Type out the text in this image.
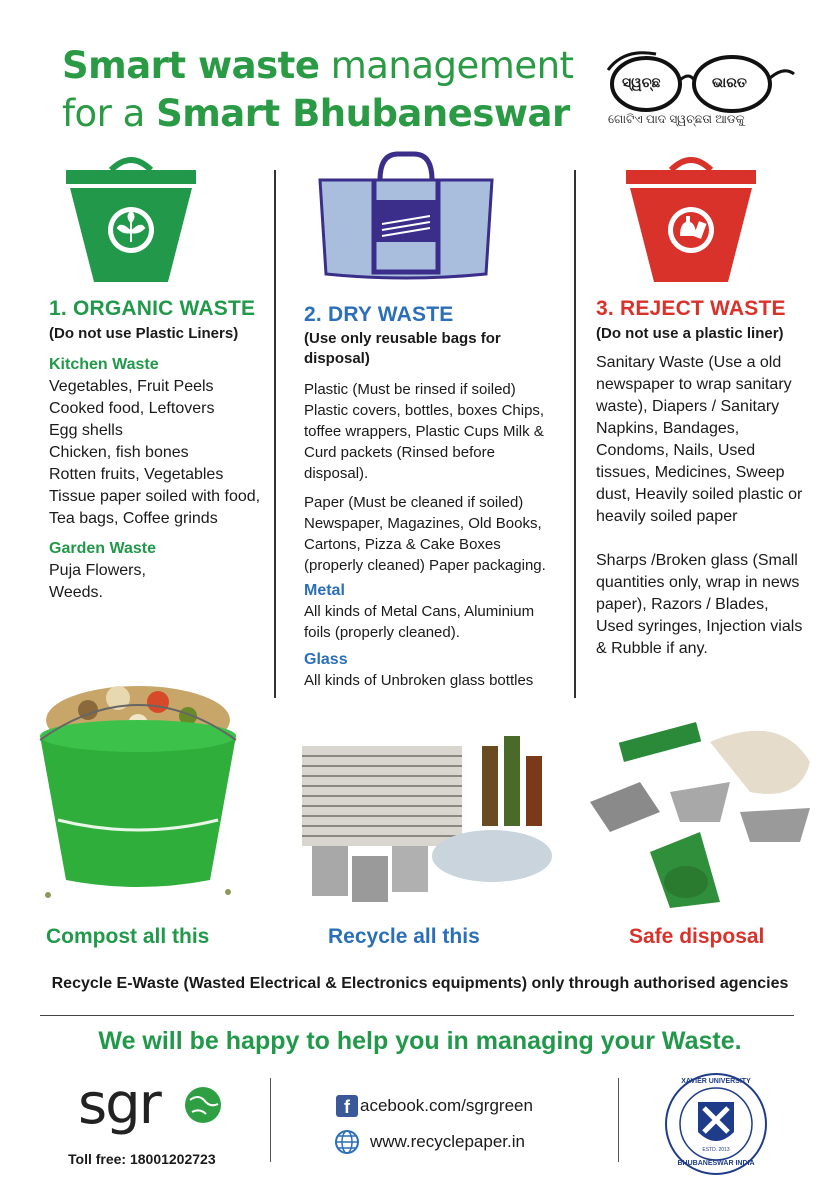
Smart waste management
for a Smart Bhubaneswar
ସ୍ୱଚ୍ଛ	ଭାରତ
ଗୋଟିଏ ପାଦ ସ୍ୱଚ୍ଛତା ଆଡକୁ
1. ORGANIC WASTE
(Do not use Plastic Liners)
Kitchen Waste

Vegetables, Fruit Peels

Cooked food, Leftovers

Egg shells

Chicken, fish bones

Rotten fruits, Vegetables

Tissue paper soiled with food,

Tea bags, Coffee grinds

Garden Waste

Puja Flowers,

Weeds.

2. DRY WASTE
(Use only reusable bags for disposal)

Plastic (Must be rinsed if soiled) Plastic covers, bottles, boxes Chips, toffee wrappers, Plastic Cups Milk & Curd packets (Rinsed before disposal).

Paper (Must be cleaned if soiled) Newspaper, Magazines, Old Books, Cartons, Pizza & Cake Boxes (properly cleaned) Paper packaging.

Metal

All kinds of Metal Cans, Aluminium foils (properly cleaned).

Glass

All kinds of Unbroken glass bottles

3. REJECT WASTE
(Do not use a plastic liner)

Sanitary Waste (Use a old newspaper to wrap sanitary waste), Diapers / Sanitary Napkins, Bandages, Condoms, Nails, Used tissues, Medicines, Sweep dust, Heavily soiled plastic or heavily soiled paper

Sharps /Broken glass (Small quantities only, wrap in news paper), Razors / Blades, Used syringes, Injection vials & Rubble if any.

Compost all this	Recycle all this	Safe disposal
Recycle E-Waste (Wasted Electrical & Electronics equipments) only through authorised agencies
We will be happy to help you in managing your Waste.
sgr
Toll free: 18001202723
f acebook.com/sgrgreen
www.recyclepaper.in
XAVIER UNIVERSITY
BHUBANESWAR INDIA
ESTD. 2013
